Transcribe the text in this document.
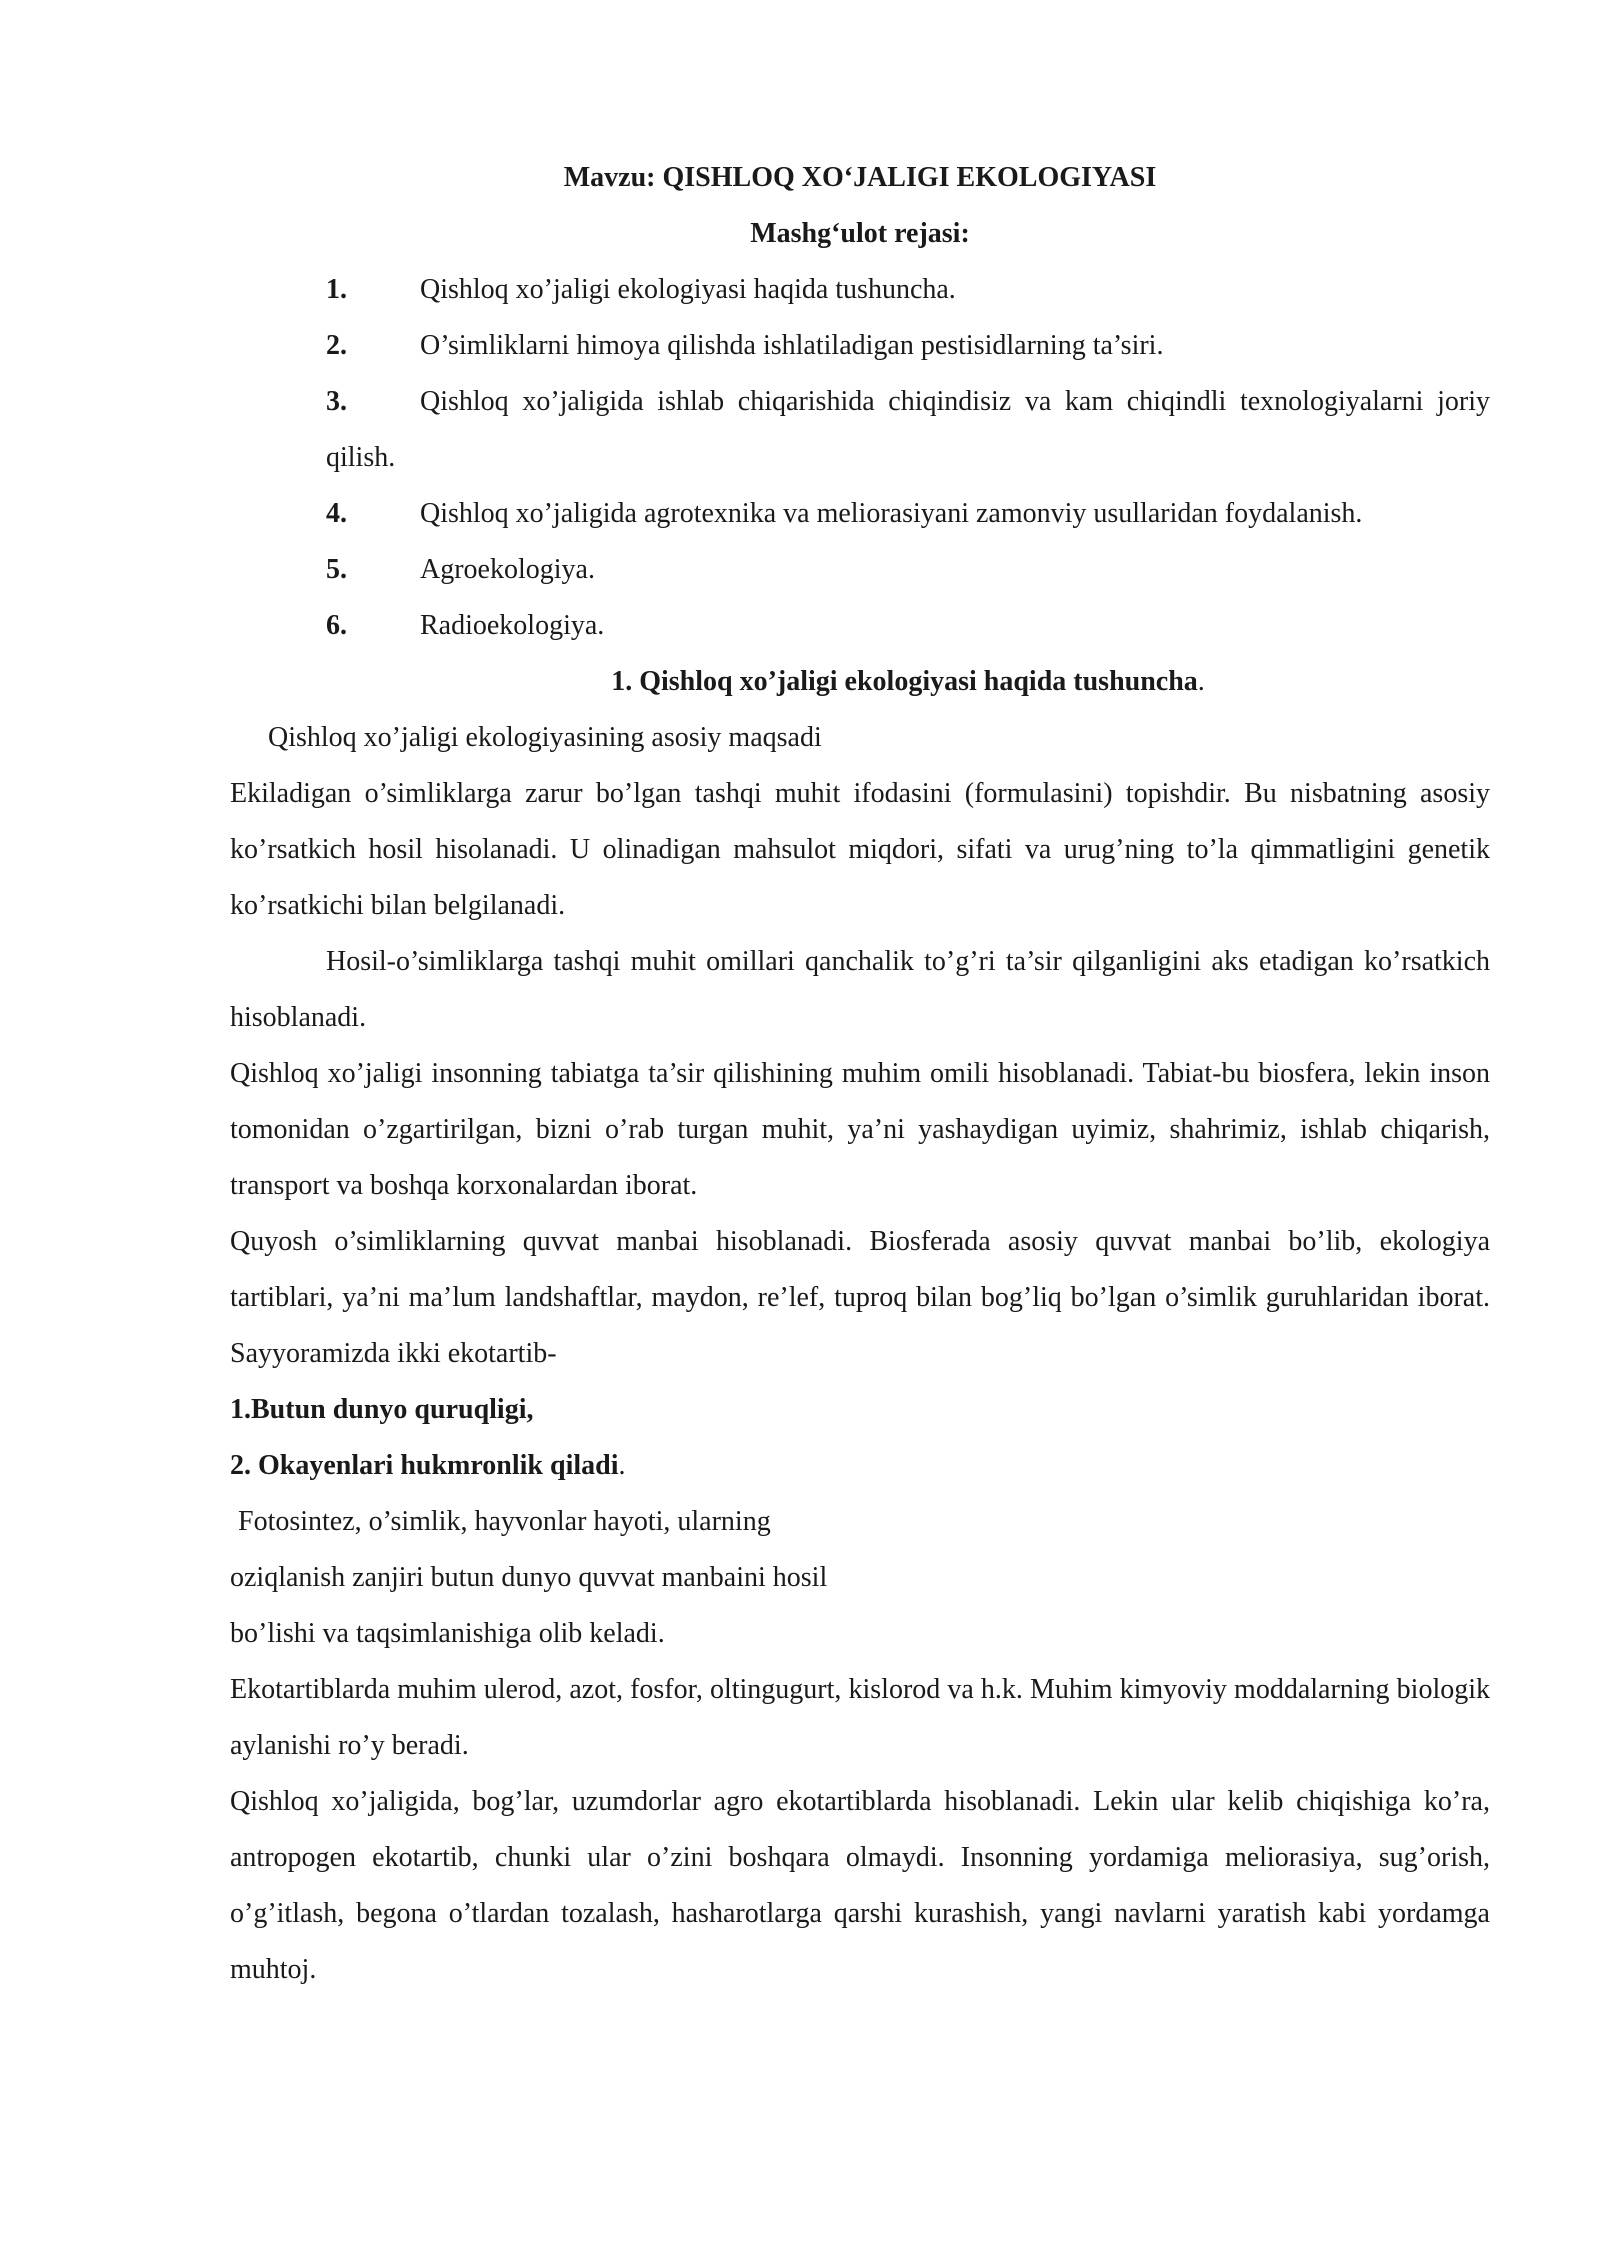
Mavzu: QISHLOQ XO‘JALIGI EKOLOGIYASI
Mashg‘ulot rejasi:
1.	Qishloq xo’jaligi ekologiyasi haqida tushuncha.
2.	O’simliklarni himoya qilishda ishlatiladigan pestisidlarning ta’siri.
3.	Qishloq xo’jaligida ishlab chiqarishida chiqindisiz va kam chiqindli texnologiyalarni joriy qilish.
4.	Qishloq xo’jaligida agrotexnika va meliorasiyani zamonviy usullaridan foydalanish.
5.	Agroekologiya.
6.	Radioekologiya.
1. Qishloq xo’jaligi ekologiyasi haqida tushuncha.

Qishloq xo’jaligi ekologiyasining asosiy maqsadi

Ekiladigan o’simliklarga zarur bo’lgan tashqi muhit ifodasini (formulasini) topishdir. Bu nisbatning asosiy ko’rsatkich hosil hisolanadi. U olinadigan mahsulot miqdori, sifati va urug’ning to’la qimmatligini genetik ko’rsatkichi bilan belgilanadi.

Hosil-o’simliklarga tashqi muhit omillari qanchalik to’g’ri ta’sir qilganligini aks etadigan ko’rsatkich hisoblanadi.

Qishloq xo’jaligi insonning tabiatga ta’sir qilishining muhim omili hisoblanadi. Tabiat-bu biosfera, lekin inson tomonidan o’zgartirilgan, bizni o’rab turgan muhit, ya’ni yashaydigan uyimiz, shahrimiz, ishlab chiqarish, transport va boshqa korxonalardan iborat.

Quyosh o’simliklarning quvvat manbai hisoblanadi. Biosferada asosiy quvvat manbai bo’lib, ekologiya tartiblari, ya’ni ma’lum landshaftlar, maydon, re’lef, tuproq bilan bog’liq bo’lgan o’simlik guruhlaridan iborat. Sayyoramizda ikki ekotartib-

1.Butun dunyo quruqligi,

2. Okayenlari hukmronlik qiladi.

Fotosintez, o’simlik, hayvonlar hayoti, ularning

oziqlanish zanjiri butun dunyo quvvat manbaini hosil

bo’lishi va taqsimlanishiga olib keladi.

Ekotartiblarda muhim ulerod, azot, fosfor, oltingugurt, kislorod va h.k. Muhim kimyoviy moddalarning biologik aylanishi ro’y beradi.

Qishloq xo’jaligida, bog’lar, uzumdorlar agro ekotartiblarda hisoblanadi. Lekin ular kelib chiqishiga ko’ra, antropogen ekotartib, chunki ular o’zini boshqara olmaydi. Insonning yordamiga meliorasiya, sug’orish, o’g’itlash, begona o’tlardan tozalash, hasharotlarga qarshi kurashish, yangi navlarni yaratish kabi yordamga muhtoj.
